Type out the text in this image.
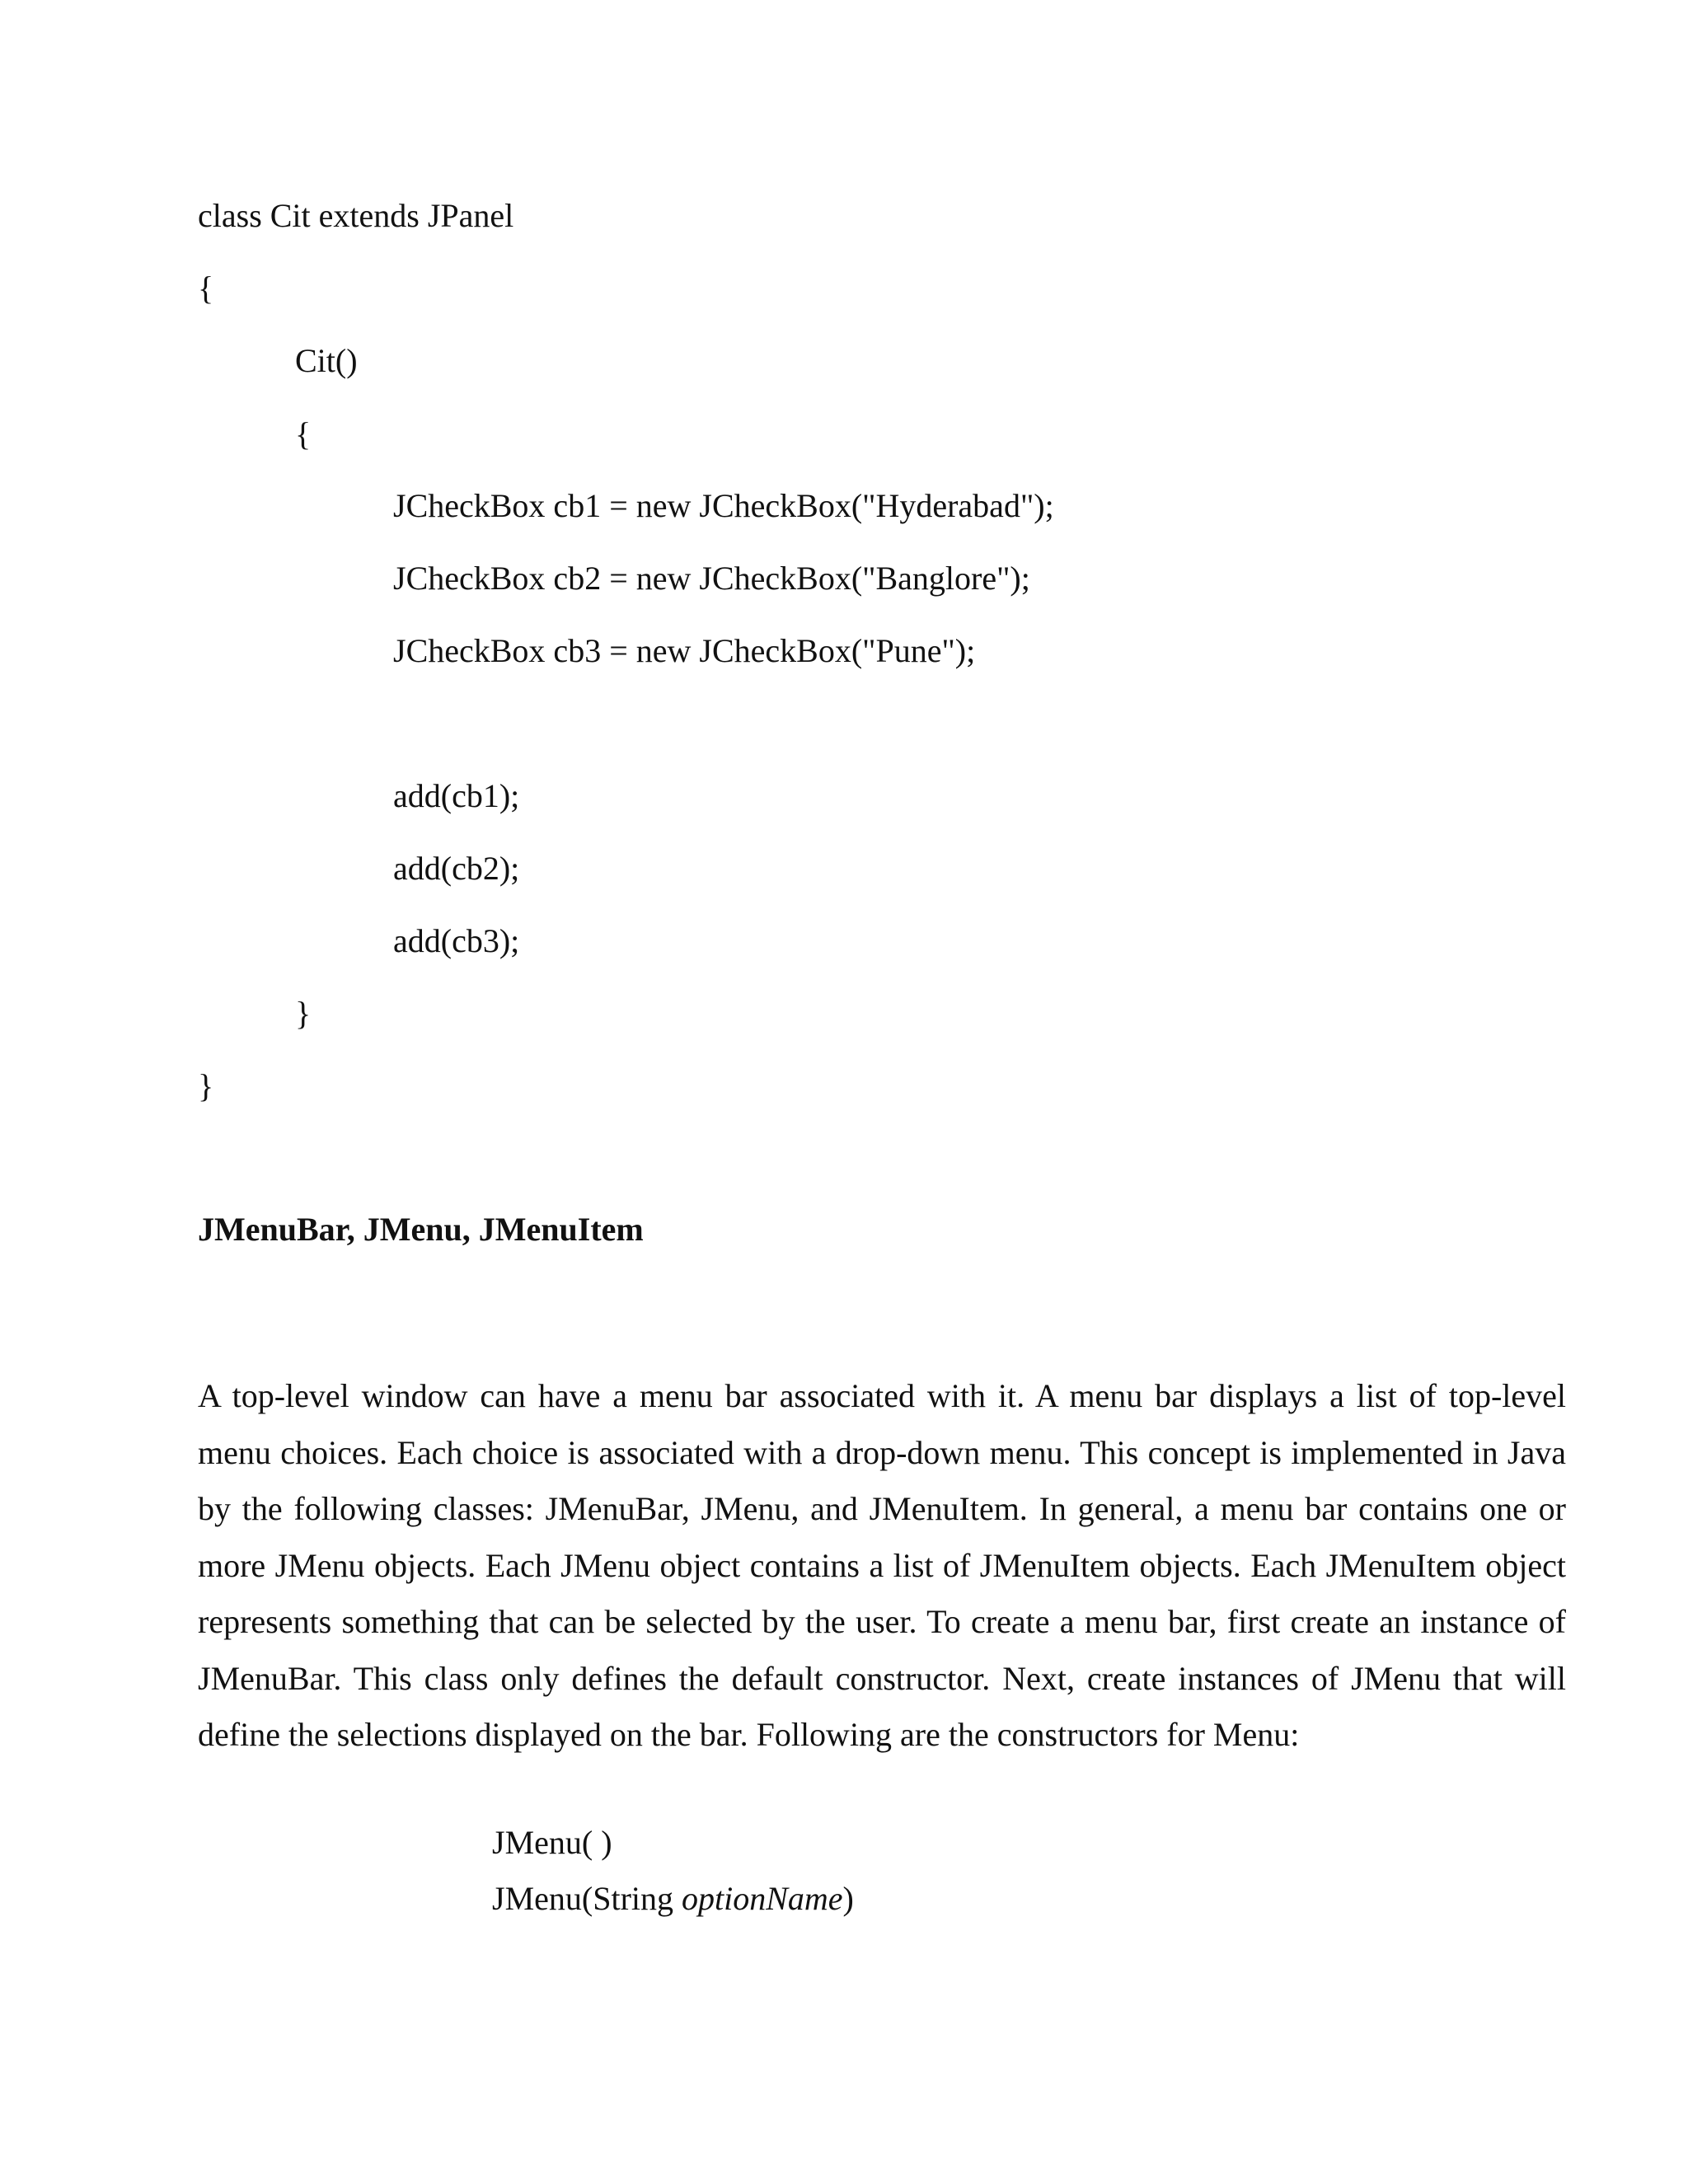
class Cit extends JPanel
{
Cit()
{
JCheckBox cb1 = new JCheckBox("Hyderabad");
JCheckBox cb2 = new JCheckBox("Banglore");
JCheckBox cb3 = new JCheckBox("Pune");
add(cb1);
add(cb2);
add(cb3);
}
}
JMenuBar, JMenu, JMenuItem

A top-level window can have a menu bar associated with it. A menu bar displays a list of top-level menu choices. Each choice is associated with a drop-down menu. This concept is implemented in Java by the following classes: JMenuBar, JMenu, and JMenuItem. In general, a menu bar contains one or more JMenu objects. Each JMenu object contains a list of JMenuItem objects. Each JMenuItem object represents something that can be selected by the user. To create a menu bar, first create an instance of JMenuBar. This class only defines the default constructor. Next, create instances of JMenu that will define the selections displayed on the bar. Following are the constructors for Menu:

JMenu( )
JMenu(String optionName)
